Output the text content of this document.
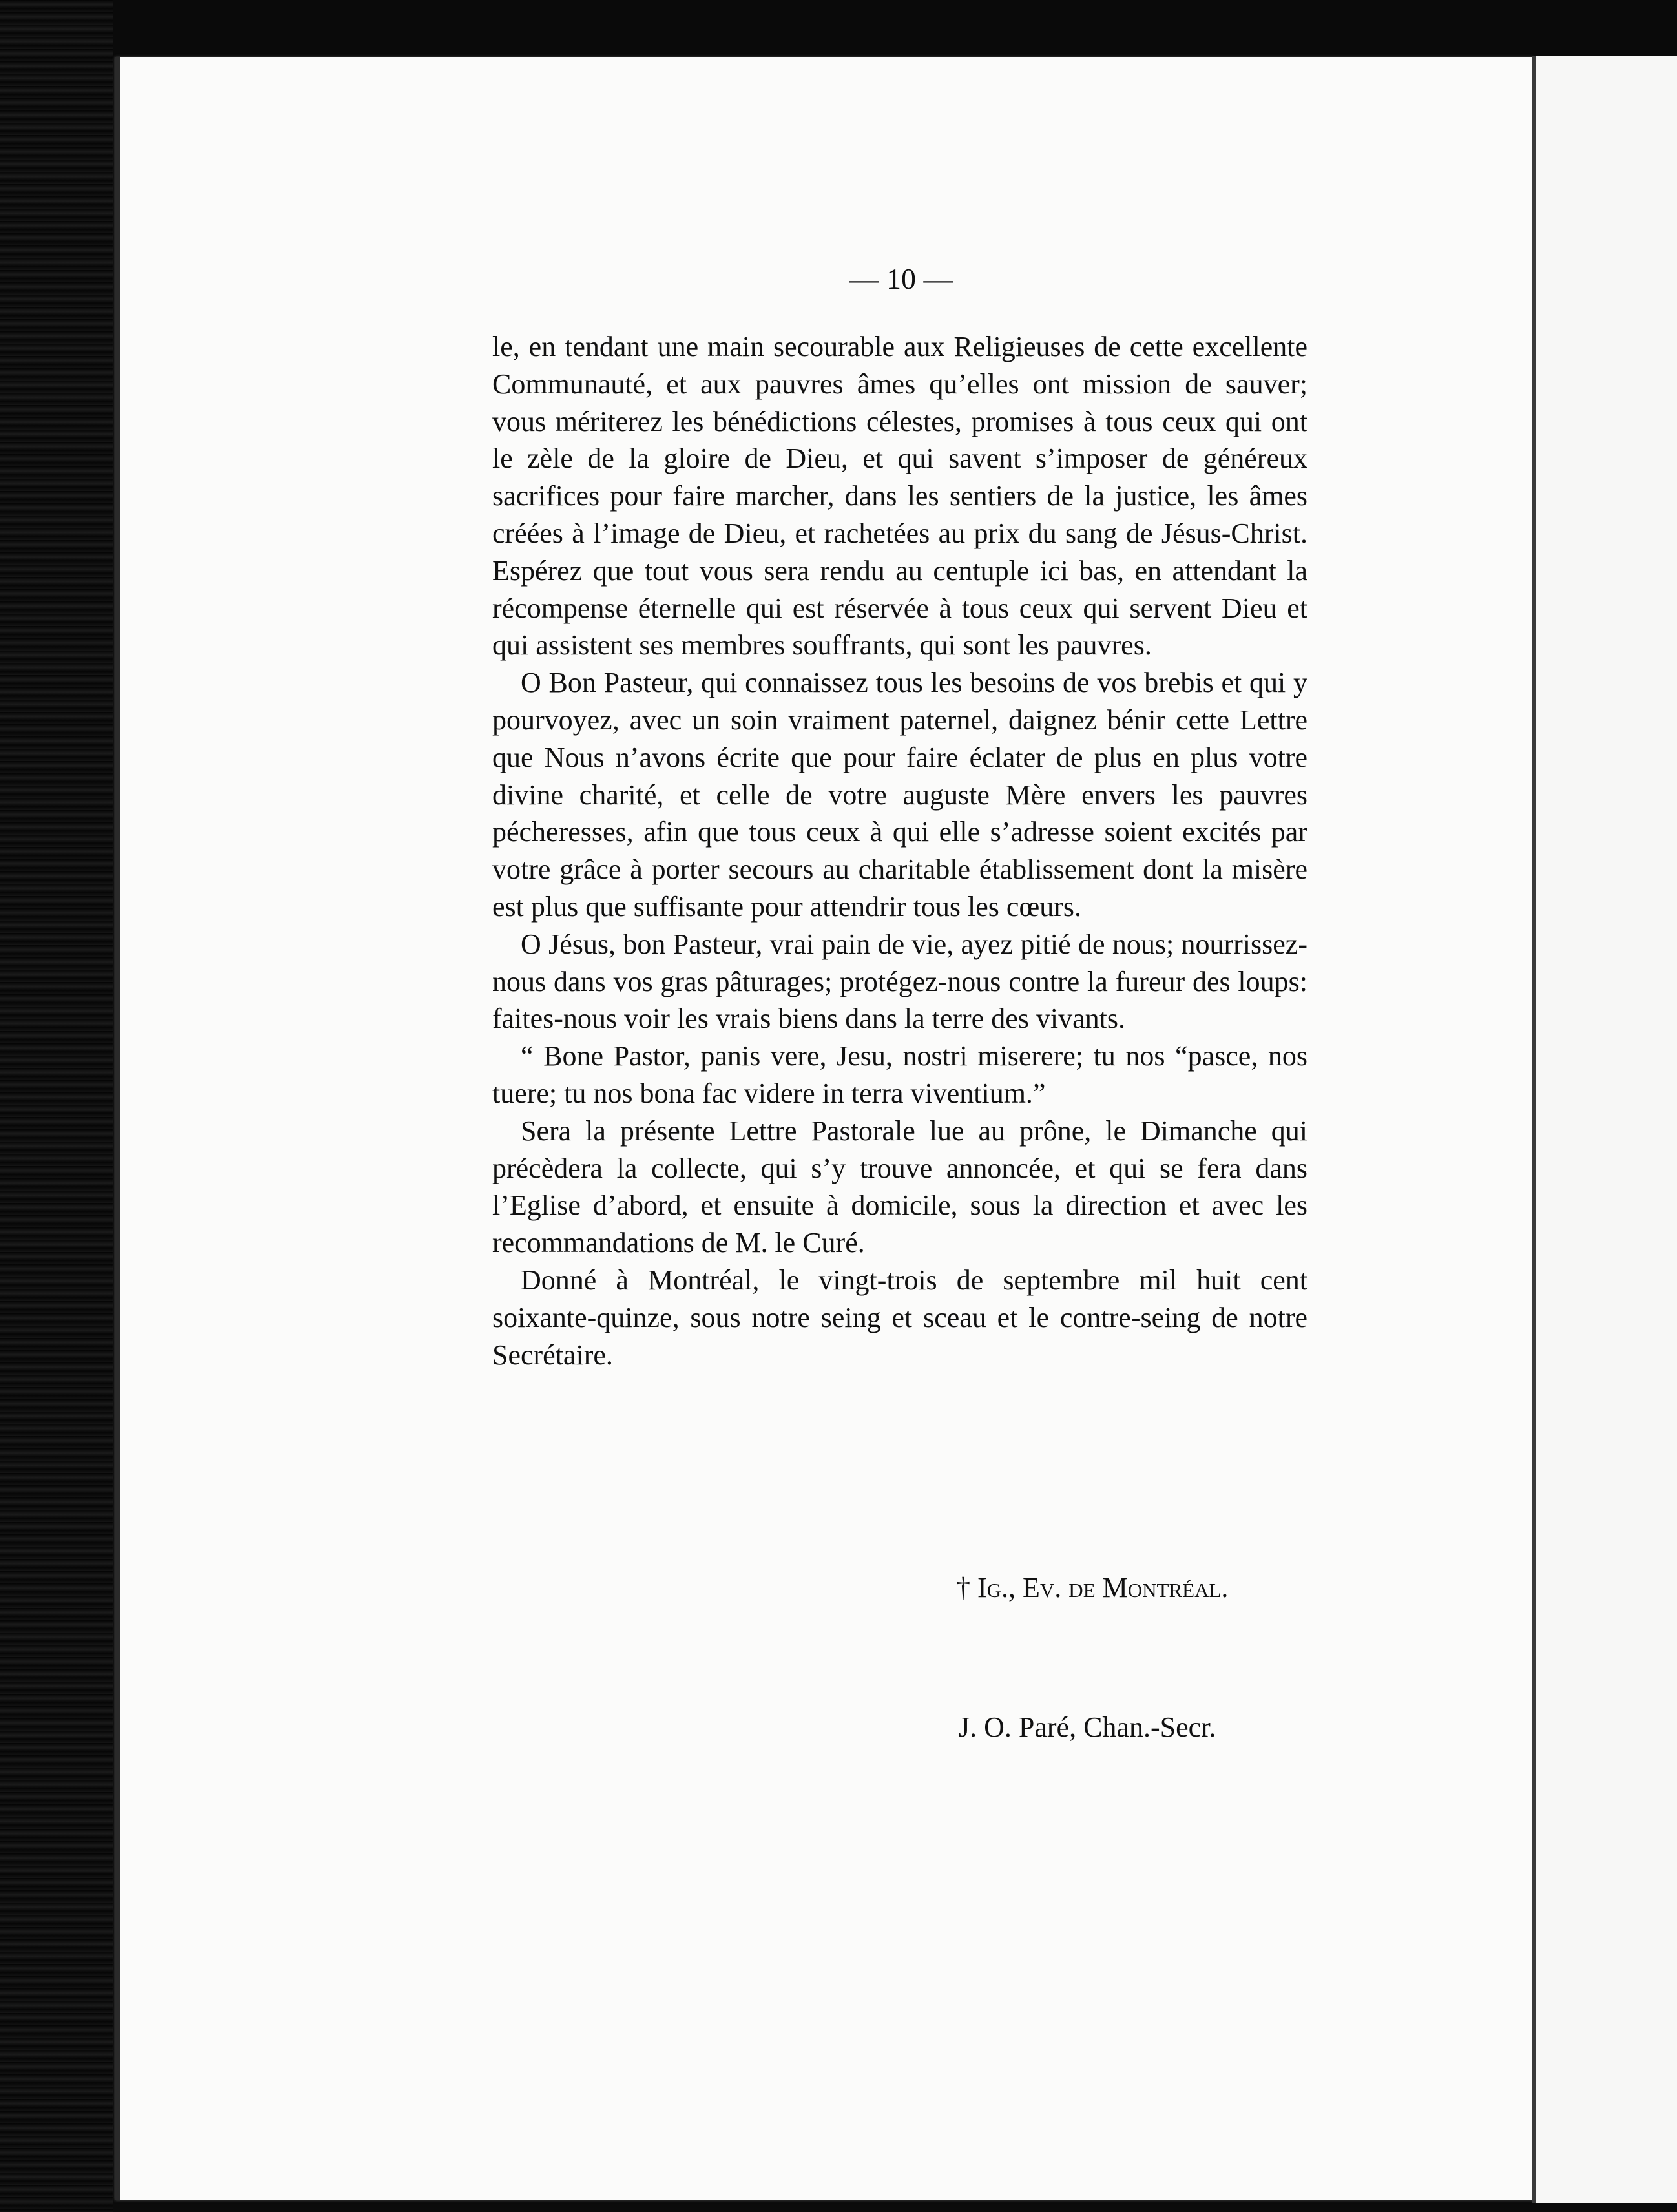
— 10 —

le, en tendant une main secourable aux Religieuses de cette excellente Communauté, et aux pauvres âmes qu’elles ont mission de sauver; vous mériterez les bénédictions célestes, promises à tous ceux qui ont le zèle de la gloire de Dieu, et qui savent s’imposer de généreux sacrifices pour faire marcher, dans les sentiers de la justice, les âmes créées à l’image de Dieu, et rachetées au prix du sang de Jésus-Christ. Espérez que tout vous sera rendu au centuple ici bas, en attendant la récompense éternelle qui est réservée à tous ceux qui servent Dieu et qui assistent ses membres souffrants, qui sont les pauvres.

O Bon Pasteur, qui connaissez tous les besoins de vos brebis et qui y pourvoyez, avec un soin vraiment paternel, daignez bénir cette Lettre que Nous n’avons écrite que pour faire éclater de plus en plus votre divine charité, et celle de votre auguste Mère envers les pauvres pécheresses, afin que tous ceux à qui elle s’adresse soient excités par votre grâce à porter secours au charitable établissement dont la misère est plus que suffisante pour attendrir tous les cœurs.

O Jésus, bon Pasteur, vrai pain de vie, ayez pitié de nous; nourrissez-nous dans vos gras pâturages; protégez-nous contre la fureur des loups: faites-nous voir les vrais biens dans la terre des vivants.

“ Bone Pastor, panis vere, Jesu, nostri miserere; tu nos “pasce, nos tuere; tu nos bona fac videre in terra viventium.”

Sera la présente Lettre Pastorale lue au prône, le Dimanche qui précèdera la collecte, qui s’y trouve annoncée, et qui se fera dans l’Eglise d’abord, et ensuite à domicile, sous la direction et avec les recommandations de M. le Curé.

Donné à Montréal, le vingt-trois de septembre mil huit cent soixante-quinze, sous notre seing et sceau et le contre-seing de notre Secrétaire.

† Ig., Ev. de Montréal.
J. O. Paré, Chan.-Secr.
